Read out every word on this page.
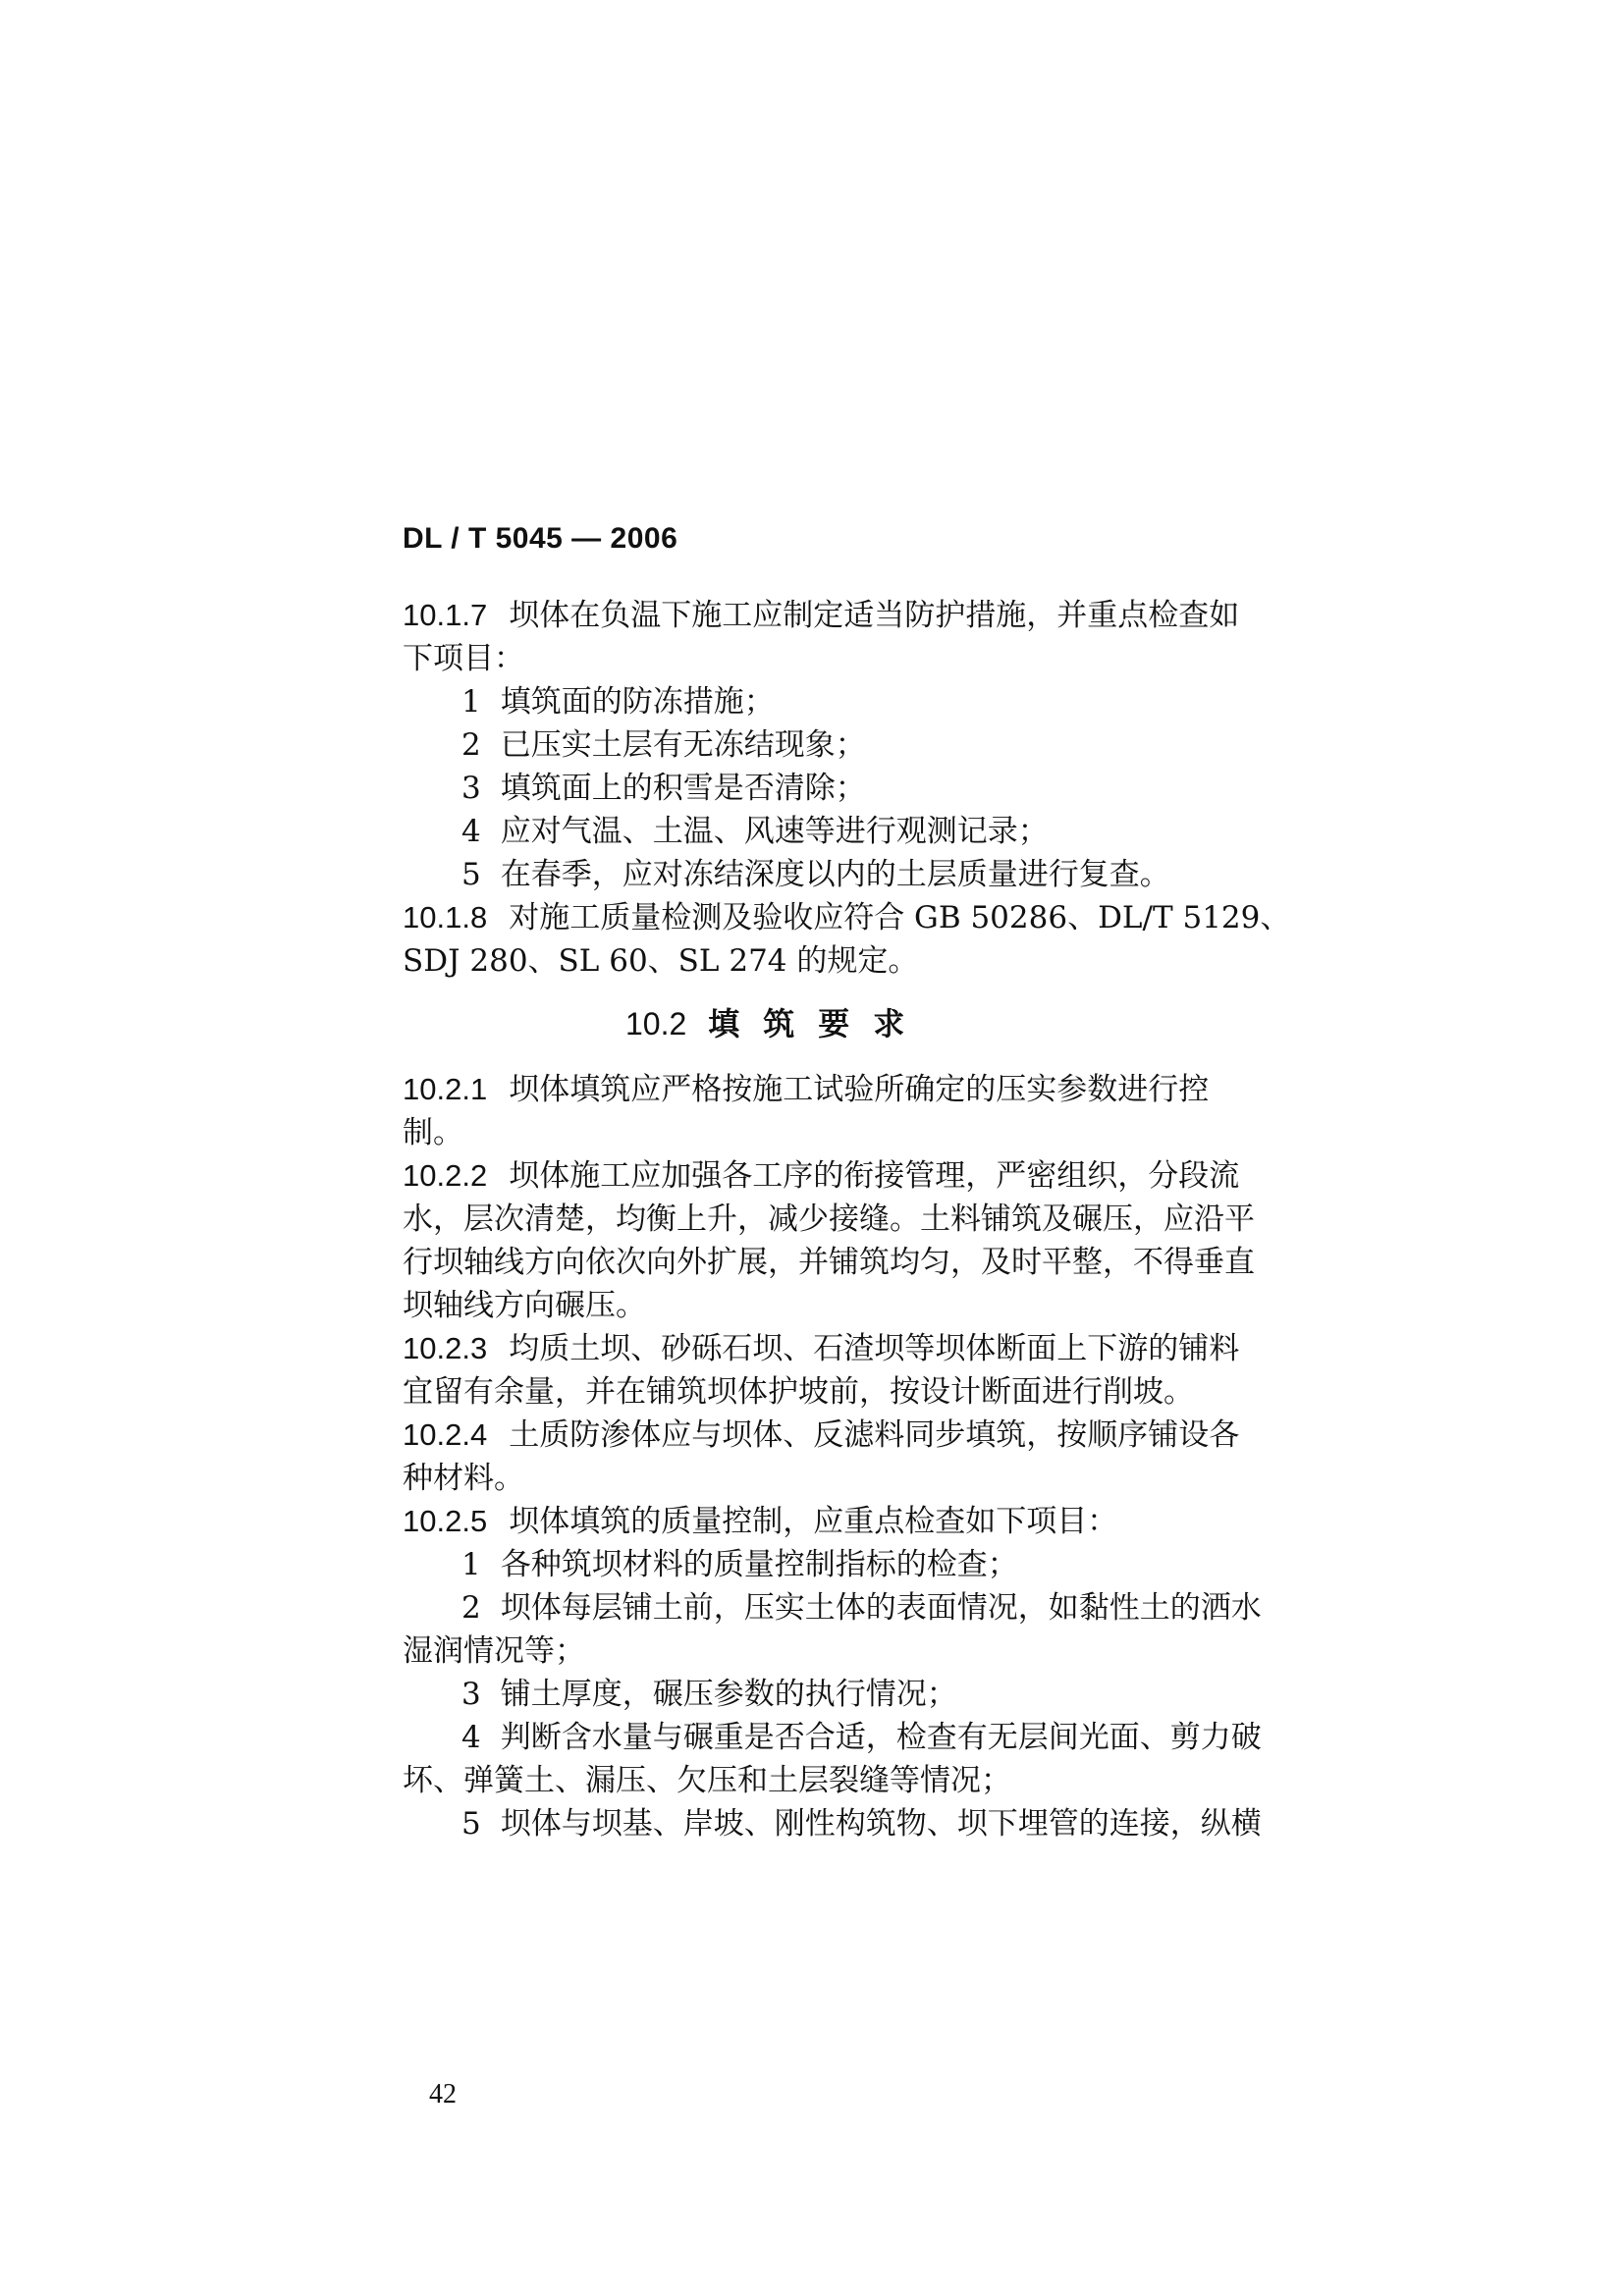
DL / T 5045 — 2006
10.1.7 坝体在负温下施工应制定适当防护措施，并重点检查如
下项目：
1 填筑面的防冻措施；
2 已压实土层有无冻结现象；
3 填筑面上的积雪是否清除；
4 应对气温、土温、风速等进行观测记录；
5 在春季，应对冻结深度以内的土层质量进行复查。
10.1.8 对施工质量检测及验收应符合 GB 50286、DL/T 5129、
SDJ 280、SL 60、SL 274 的规定。
10.2 填筑要求
10.2.1 坝体填筑应严格按施工试验所确定的压实参数进行控
制。
10.2.2 坝体施工应加强各工序的衔接管理，严密组织，分段流
水，层次清楚，均衡上升，减少接缝。土料铺筑及碾压，应沿平
行坝轴线方向依次向外扩展，并铺筑均匀，及时平整，不得垂直
坝轴线方向碾压。
10.2.3 均质土坝、砂砾石坝、石渣坝等坝体断面上下游的铺料
宜留有余量，并在铺筑坝体护坡前，按设计断面进行削坡。
10.2.4 土质防渗体应与坝体、反滤料同步填筑，按顺序铺设各
种材料。
10.2.5 坝体填筑的质量控制，应重点检查如下项目：
1 各种筑坝材料的质量控制指标的检查；
2 坝体每层铺土前，压实土体的表面情况，如黏性土的洒水
湿润情况等；
3 铺土厚度，碾压参数的执行情况；
4 判断含水量与碾重是否合适，检查有无层间光面、剪力破
坏、弹簧土、漏压、欠压和土层裂缝等情况；
5 坝体与坝基、岸坡、刚性构筑物、坝下埋管的连接，纵横
42
